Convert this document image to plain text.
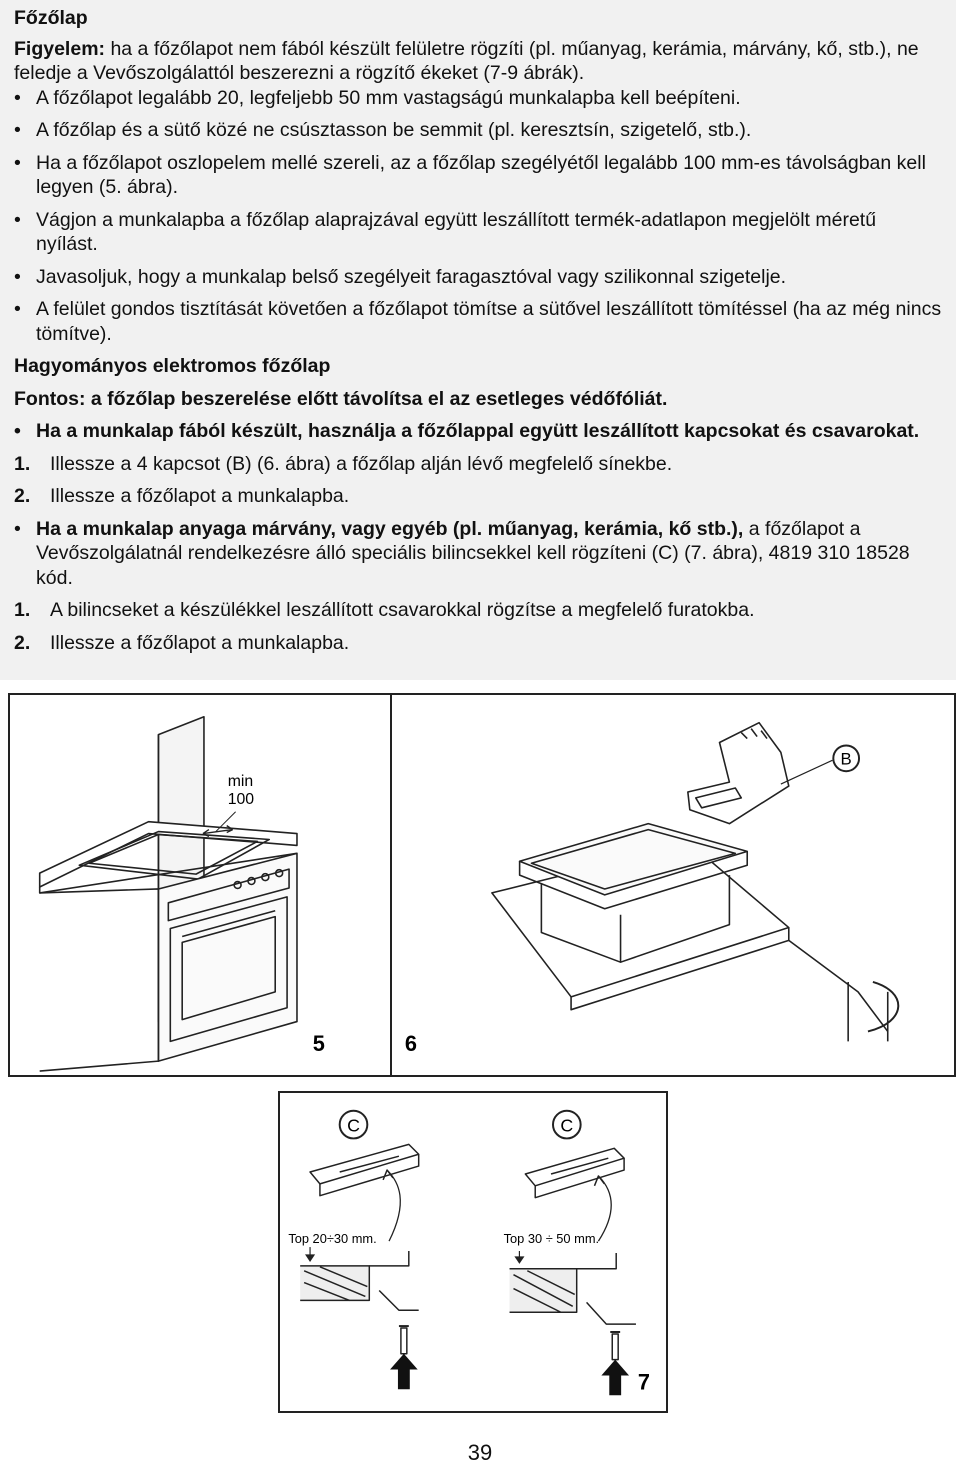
Főzőlap

Figyelem: ha a főzőlapot nem fából készült felületre rögzíti (pl. műanyag, kerámia, márvány, kő, stb.), ne feledje a Vevőszolgálattól beszerezni a rögzítő ékeket (7-9 ábrák).

• A főzőlapot legalább 20, legfeljebb 50 mm vastagságú munkalapba kell beépíteni.

• A főzőlap és a sütő közé ne csúsztasson be semmit (pl. keresztsín, szigetelő, stb.).

• Ha a főzőlapot oszlopelem mellé szereli, az a főzőlap szegélyétől legalább 100 mm-es távolságban kell legyen (5. ábra).

• Vágjon a munkalapba a főzőlap alaprajzával együtt leszállított termék-adatlapon megjelölt méretű nyílást.

• Javasoljuk, hogy a munkalap belső szegélyeit faragasztóval vagy szilikonnal szigetelje.

• A felület gondos tisztítását követően a főzőlapot tömítse a sütővel leszállított tömítéssel (ha az még nincs tömítve).

Hagyományos elektromos főzőlap

Fontos: a főzőlap beszerelése előtt távolítsa el az esetleges védőfóliát.

• Ha a munkalap fából készült, használja a főzőlappal együtt leszállított kapcsokat és csavarokat.

1. Illessze a 4 kapcsot (B) (6. ábra) a főzőlap alján lévő megfelelő sínekbe.

2. Illessze a főzőlapot a munkalapba.

• Ha a munkalap anyaga márvány, vagy egyéb (pl. műanyag, kerámia, kő stb.), a főzőlapot a Vevőszolgálatnál rendelkezésre álló speciális bilincsekkel kell rögzíteni (C) (7. ábra), 4819 310 18528 kód.

1. A bilincseket a készülékkel leszállított csavarokkal rögzítse a megfelelő furatokba.

2. Illessze a főzőlapot a munkalapba.

min
100
5
B
6
C	C
Top 20÷30 mm.	Top 30 ÷ 50 mm.
7
39
